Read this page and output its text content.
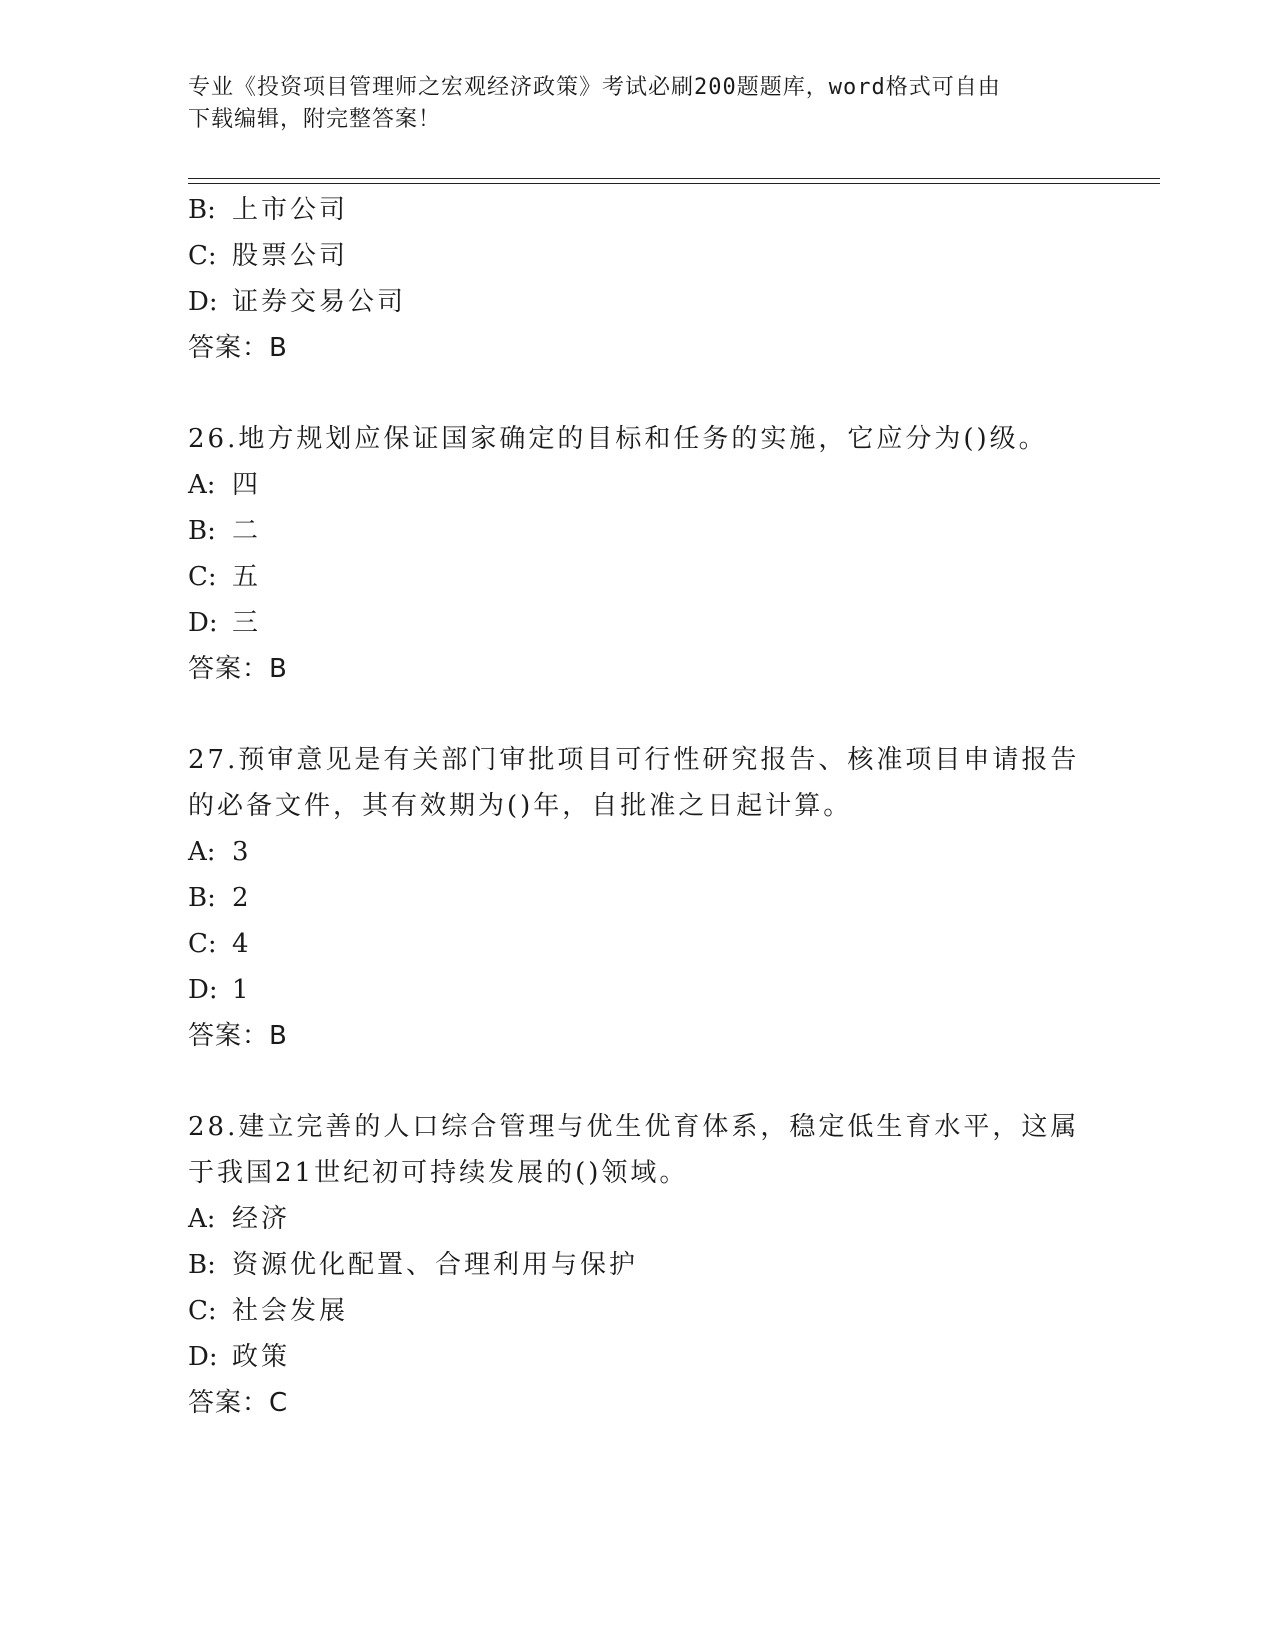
专业《投资项目管理师之宏观经济政策》考试必刷200题题库，word格式可自由
下载编辑，附完整答案！
B: 上市公司
C: 股票公司
D: 证券交易公司
答案：B
26.地方规划应保证国家确定的目标和任务的实施，它应分为()级。
A: 四
B: 二
C: 五
D: 三
答案：B
27.预审意见是有关部门审批项目可行性研究报告、核准项目申请报告
的必备文件，其有效期为()年，自批准之日起计算。
A: 3
B: 2
C: 4
D: 1
答案：B
28.建立完善的人口综合管理与优生优育体系，稳定低生育水平，这属
于我国21世纪初可持续发展的()领域。
A: 经济
B: 资源优化配置、合理利用与保护
C: 社会发展
D: 政策
答案：C
